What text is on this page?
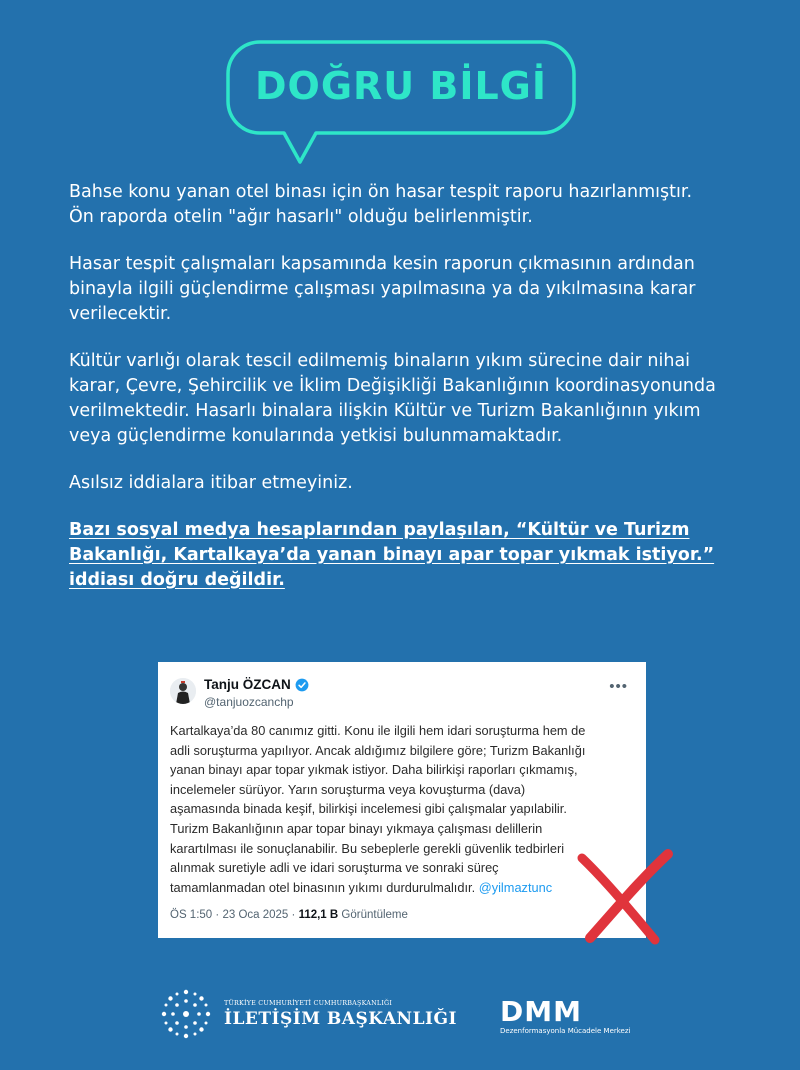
DOĞRU BİLGİ

Bahse konu yanan otel binası için ön hasar tespit raporu hazırlanmıştır.
Ön raporda otelin "ağır hasarlı" olduğu belirlenmiştir.

Hasar tespit çalışmaları kapsamında kesin raporun çıkmasının ardından
binayla ilgili güçlendirme çalışması yapılmasına ya da yıkılmasına karar
verilecektir.

Kültür varlığı olarak tescil edilmemiş binaların yıkım sürecine dair nihai
karar, Çevre, Şehircilik ve İklim Değişikliği Bakanlığının koordinasyonunda
verilmektedir. Hasarlı binalara ilişkin Kültür ve Turizm Bakanlığının yıkım
veya güçlendirme konularında yetkisi bulunmamaktadır.

Asılsız iddialara itibar etmeyiniz.

Bazı sosyal medya hesaplarından paylaşılan, “Kültür ve Turizm
Bakanlığı, Kartalkaya’da yanan binayı apar topar yıkmak istiyor.”
iddiası doğru değildir.

Tanju ÖZCAN
@tanjuozcanchp
•••
Kartalkaya’da 80 canımız gitti. Konu ile ilgili hem idari soruşturma hem de
adli soruşturma yapılıyor. Ancak aldığımız bilgilere göre; Turizm Bakanlığı
yanan binayı apar topar yıkmak istiyor. Daha bilirkişi raporları çıkmamış,
incelemeler sürüyor. Yarın soruşturma veya kovuşturma (dava)
aşamasında binada keşif, bilirkişi incelemesi gibi çalışmalar yapılabilir.
Turizm Bakanlığının apar topar binayı yıkmaya çalışması delillerin
karartılması ile sonuçlanabilir. Bu sebeplerle gerekli güvenlik tedbirleri
alınmak suretiyle adli ve idari soruşturma ve sonraki süreç
tamamlanmadan otel binasının yıkımı durdurulmalıdır. @yilmaztunc
ÖS 1:50 · 23 Oca 2025 · 112,1 B Görüntüleme
TÜRKİYE CUMHURİYETİ CUMHURBAŞKANLIĞI
İLETİŞİM BAŞKANLIĞI DMM
Dezenformasyonla Mücadele Merkezi
